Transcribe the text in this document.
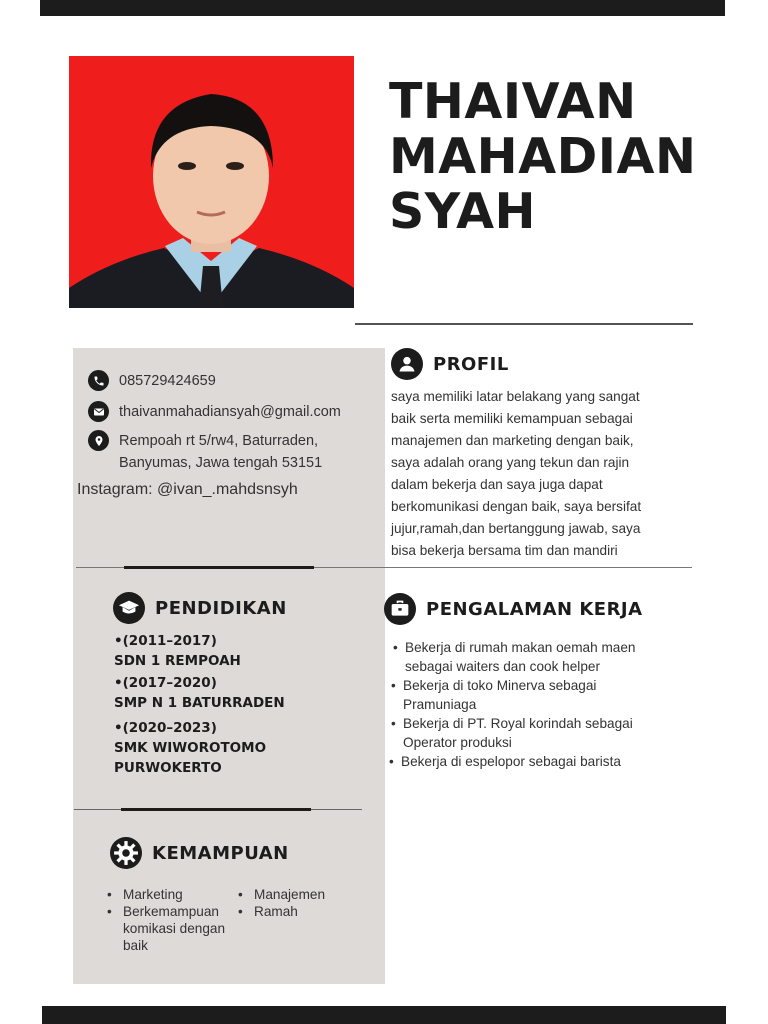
THAIVAN
MAHADIAN
SYAH
085729424659
thaivanmahadiansyah@gmail.com
Rempoah rt 5/rw4, Baturraden,
Banyumas, Jawa tengah 53151
Instagram: @ivan_.mahdsnsyh
PROFIL
saya memiliki latar belakang yang sangat
baik serta memiliki kemampuan sebagai
manajemen dan marketing dengan baik,
saya adalah orang yang tekun dan rajin
dalam bekerja dan saya juga dapat
berkomunikasi dengan baik, saya bersifat
jujur,ramah,dan bertanggung jawab, saya
bisa bekerja bersama tim dan mandiri
PENDIDIKAN
•(2011–2017)
SDN 1 REMPOAH
•(2017–2020)
SMP N 1 BATURRADEN
•(2020–2023)
SMK WIWOROTOMO
PURWOKERTO
PENGALAMAN KERJA
• Bekerja di rumah makan oemah maen
sebagai waiters dan cook helper
• Bekerja di toko Minerva sebagai
Pramuniaga
• Bekerja di PT. Royal korindah sebagai
Operator produksi
• Bekerja di espelopor sebagai barista
KEMAMPUAN
• Marketing
• Berkemampuan
komikasi dengan
baik
• Manajemen
• Ramah
